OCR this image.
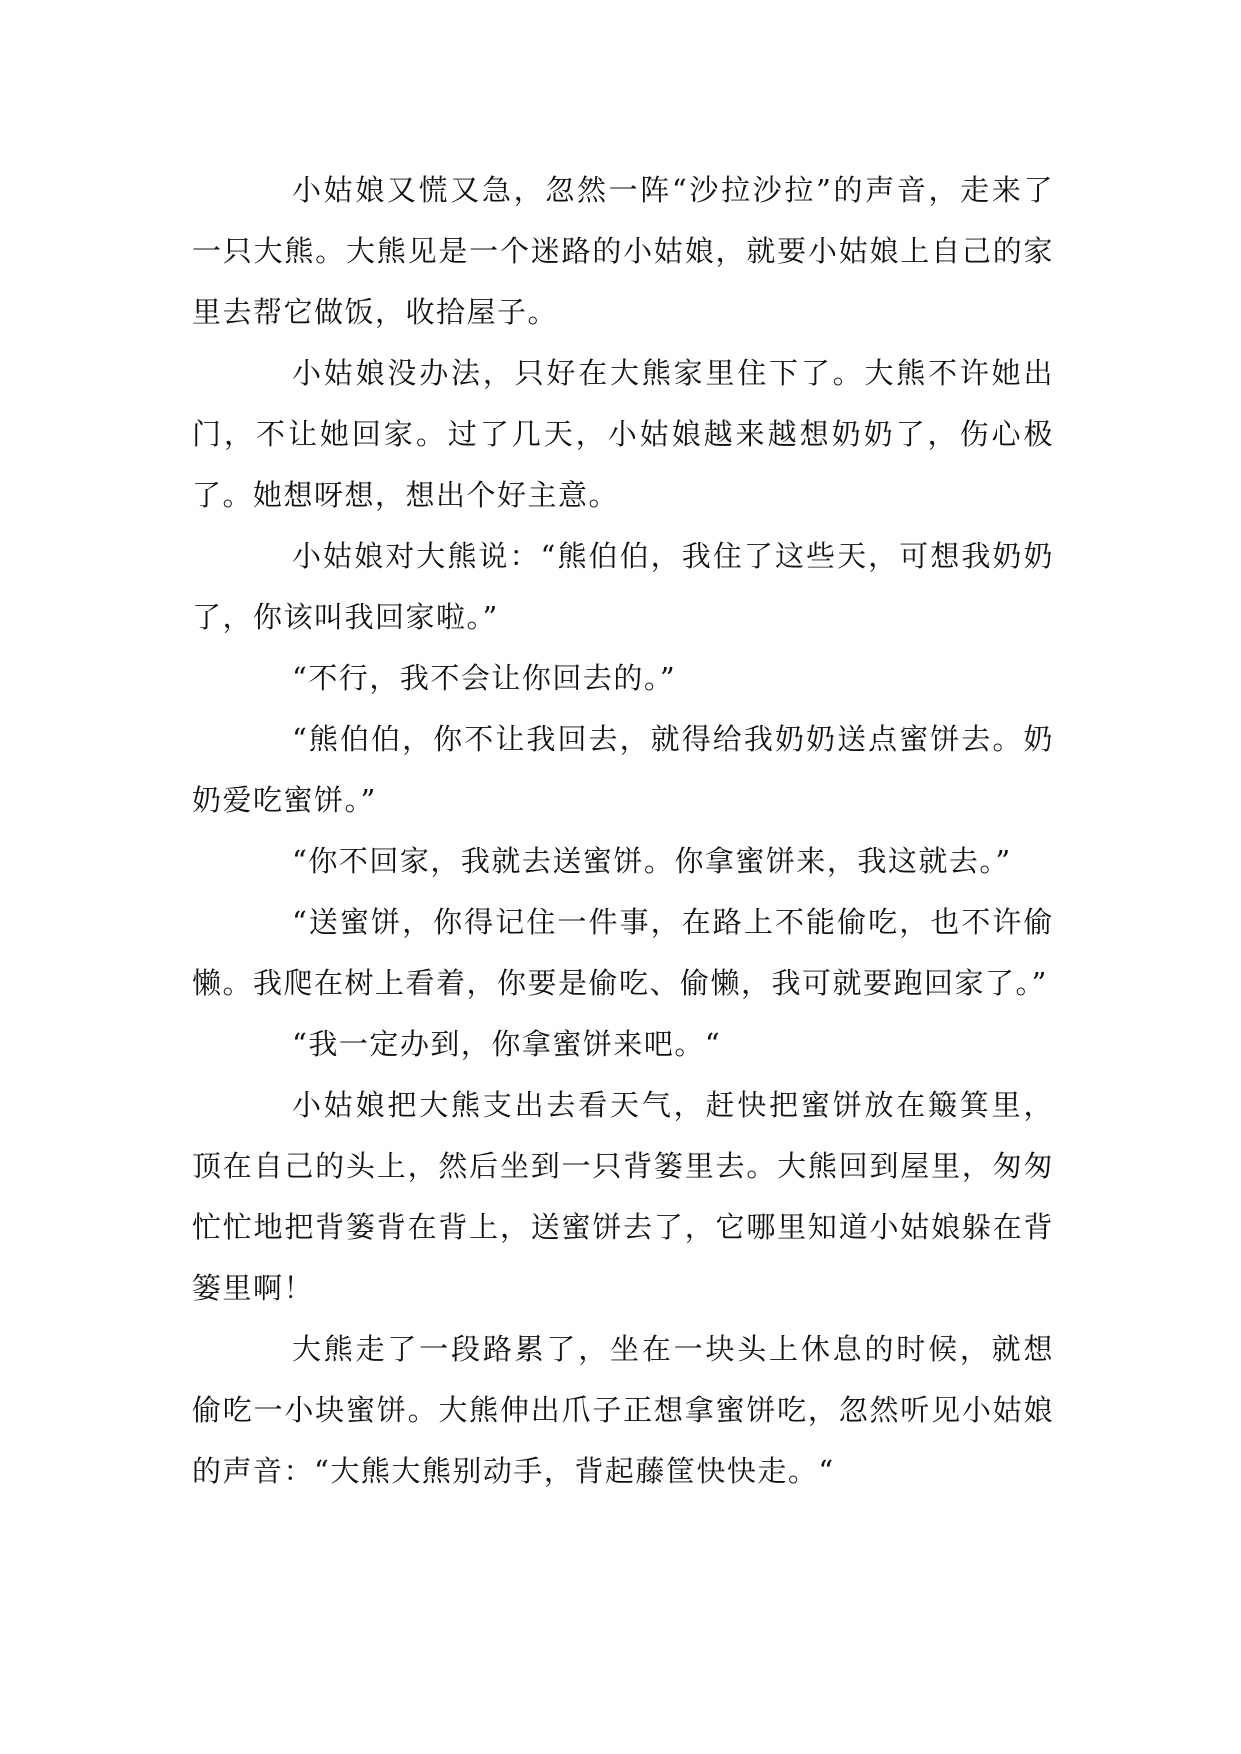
小姑娘又慌又急，忽然一阵“沙拉沙拉”的声音，走来了一只大熊。大熊见是一个迷路的小姑娘，就要小姑娘上自己的家里去帮它做饭，收拾屋子。

小姑娘没办法，只好在大熊家里住下了。大熊不许她出门，不让她回家。过了几天，小姑娘越来越想奶奶了，伤心极了。她想呀想，想出个好主意。

小姑娘对大熊说：“熊伯伯，我住了这些天，可想我奶奶了，你该叫我回家啦。”

“不行，我不会让你回去的。”

“熊伯伯，你不让我回去，就得给我奶奶送点蜜饼去。奶奶爱吃蜜饼。”

“你不回家，我就去送蜜饼。你拿蜜饼来，我这就去。”

“送蜜饼，你得记住一件事，在路上不能偷吃，也不许偷懒。我爬在树上看着，你要是偷吃、偷懒，我可就要跑回家了。”

“我一定办到，你拿蜜饼来吧。“

小姑娘把大熊支出去看天气，赶快把蜜饼放在簸箕里，顶在自己的头上，然后坐到一只背篓里去。大熊回到屋里，匆匆忙忙地把背篓背在背上，送蜜饼去了，它哪里知道小姑娘躲在背篓里啊！

大熊走了一段路累了，坐在一块头上休息的时候，就想偷吃一小块蜜饼。大熊伸出爪子正想拿蜜饼吃，忽然听见小姑娘的声音：“大熊大熊别动手，背起藤筐快快走。“
